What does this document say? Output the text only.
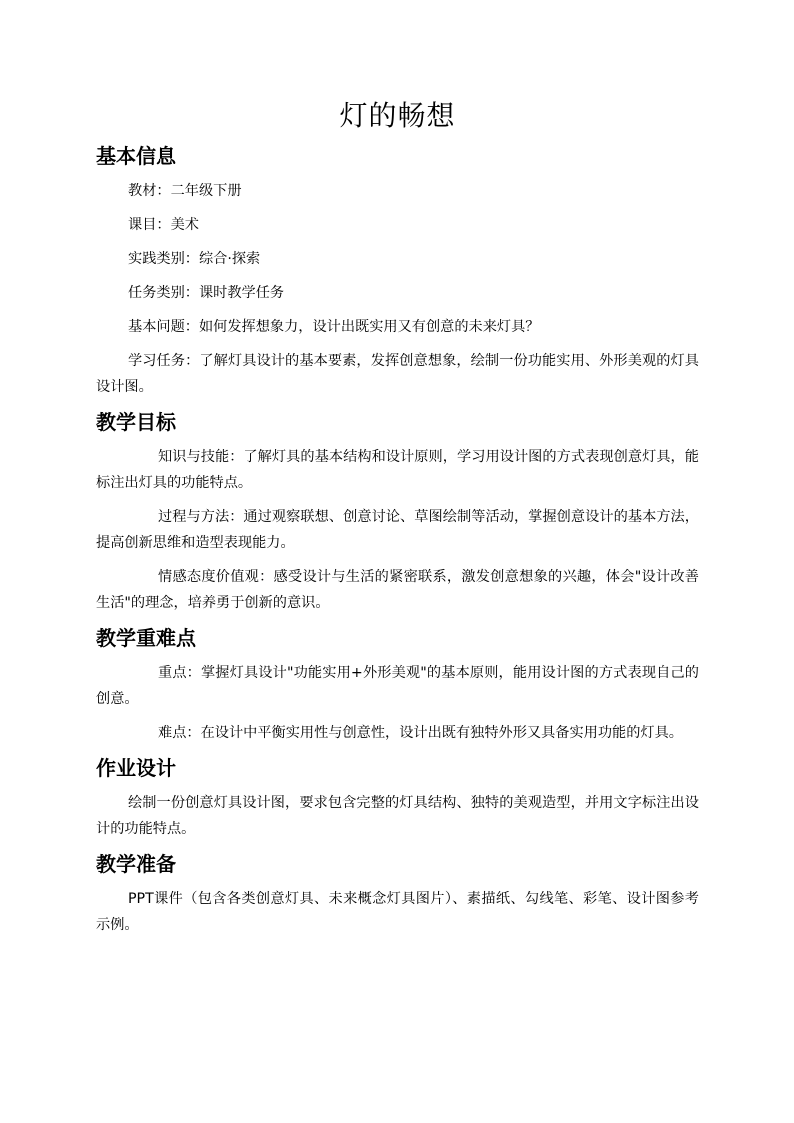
灯的畅想
基本信息

教材：二年级下册

课目：美术

实践类别：综合·探索

任务类别：课时教学任务

基本问题：如何发挥想象力，设计出既实用又有创意的未来灯具？

学习任务：了解灯具设计的基本要素，发挥创意想象，绘制一份功能实用、外形美观的灯具设计图。

教学目标

知识与技能：了解灯具的基本结构和设计原则，学习用设计图的方式表现创意灯具，能标注出灯具的功能特点。

过程与方法：通过观察联想、创意讨论、草图绘制等活动，掌握创意设计的基本方法，提高创新思维和造型表现能力。

情感态度价值观：感受设计与生活的紧密联系，激发创意想象的兴趣，体会"设计改善生活"的理念，培养勇于创新的意识。

教学重难点

重点：掌握灯具设计"功能实用+外形美观"的基本原则，能用设计图的方式表现自己的创意。

难点：在设计中平衡实用性与创意性，设计出既有独特外形又具备实用功能的灯具。

作业设计

绘制一份创意灯具设计图，要求包含完整的灯具结构、独特的美观造型，并用文字标注出设计的功能特点。

教学准备

PPT课件（包含各类创意灯具、未来概念灯具图片）、素描纸、勾线笔、彩笔、设计图参考示例。
